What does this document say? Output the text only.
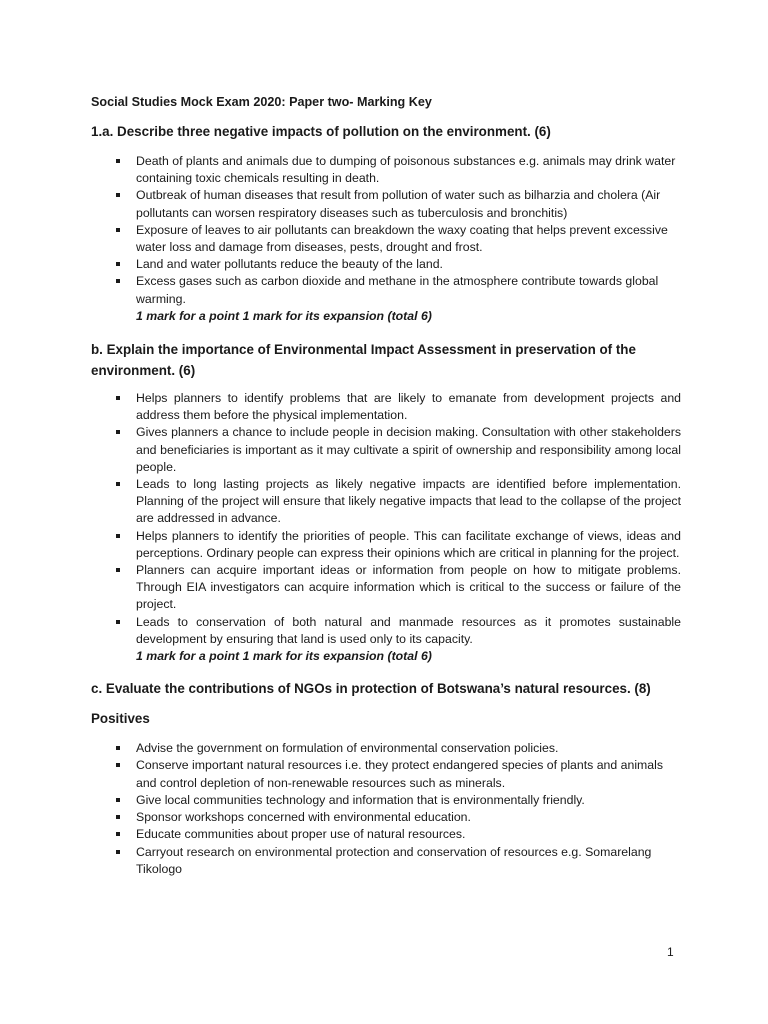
Social Studies Mock Exam 2020: Paper two- Marking Key
1.a. Describe three negative impacts of pollution on the environment. (6)
Death of plants and animals due to dumping of poisonous substances e.g. animals may drink water containing toxic chemicals resulting in death.
Outbreak of human diseases that result from pollution of water such as bilharzia and cholera (Air pollutants can worsen respiratory diseases such as tuberculosis and bronchitis)
Exposure of leaves to air pollutants can breakdown the waxy coating that helps prevent excessive water loss and damage from diseases, pests, drought and frost.
Land and water pollutants reduce the beauty of the land.
Excess gases such as carbon dioxide and methane in the atmosphere contribute towards global warming.

1 mark for a point 1 mark for its expansion (total 6)

b. Explain the importance of Environmental Impact Assessment in preservation of the environment. (6)
Helps planners to identify problems that are likely to emanate from development projects and address them before the physical implementation.
Gives planners a chance to include people in decision making. Consultation with other stakeholders and beneficiaries is important as it may cultivate a spirit of ownership and responsibility among local people.
Leads to long lasting projects as likely negative impacts are identified before implementation. Planning of the project will ensure that likely negative impacts that lead to the collapse of the project are addressed in advance.
Helps planners to identify the priorities of people. This can facilitate exchange of views, ideas and perceptions. Ordinary people can express their opinions which are critical in planning for the project.
Planners can acquire important ideas or information from people on how to mitigate problems. Through EIA investigators can acquire information which is critical to the success or failure of the project.
Leads to conservation of both natural and manmade resources as it promotes sustainable development by ensuring that land is used only to its capacity.

1 mark for a point 1 mark for its expansion (total 6)

c. Evaluate the contributions of NGOs in protection of Botswana’s natural resources. (8)
Positives
Advise the government on formulation of environmental conservation policies.
Conserve important natural resources i.e. they protect endangered species of plants and animals and control depletion of non-renewable resources such as minerals.
Give local communities technology and information that is environmentally friendly.
Sponsor workshops concerned with environmental education.
Educate communities about proper use of natural resources.
Carryout research on environmental protection and conservation of resources e.g. Somarelang Tikologo
1
